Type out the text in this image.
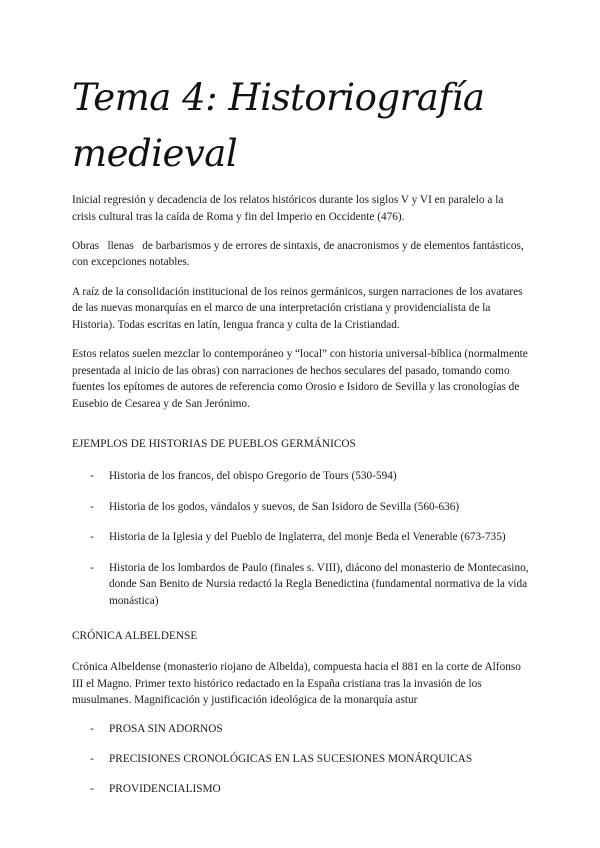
Tema 4: Historiografía medieval

Inicial regresión y decadencia de los relatos históricos durante los siglos V y VI en paralelo a la crisis cultural tras la caída de Roma y fin del Imperio en Occidente (476).

Obras   llenas   de barbarismos y de errores de sintaxis, de anacronismos y de elementos fantásticos, con excepciones notables.

A raíz de la consolidación institucional de los reinos germánicos, surgen narraciones de los avatares de las nuevas monarquías en el marco de una interpretación cristiana y providencialista de la Historia). Todas escritas en latín, lengua franca y culta de la Cristiandad.

Estos relatos suelen mezclar lo contemporáneo y “local” con historia universal-bíblica (normalmente presentada al inicio de las obras) con narraciones de hechos seculares del pasado, tomando como fuentes los epítomes de autores de referencia como Orosio e Isidoro de Sevilla y las cronologías de Eusebio de Cesarea y de San Jerónimo.

EJEMPLOS DE HISTORIAS DE PUEBLOS GERMÁNICOS
- Historia de los francos, del obispo Gregorio de Tours (530-594)
- Historia de los godos, vándalos y suevos, de San Isidoro de Sevilla (560-636)
- Historia de la Iglesia y del Pueblo de Inglaterra, del monje Beda el Venerable (673-735)
- Historia de los lombardos de Paulo (finales s. VIII), diácono del monasterio de Montecasino, donde San Benito de Nursia redactó la Regla Benedictina (fundamental normativa de la vida monástica)
CRÓNICA ALBELDENSE

Crónica Albeldense (monasterio riojano de Albelda), compuesta hacia el 881 en la corte de Alfonso III el Magno. Primer texto histórico redactado en la España cristiana tras la invasión de los musulmanes. Magnificación y justificación ideológica de la monarquía astur

- PROSA SIN ADORNOS
- PRECISIONES CRONOLÓGICAS EN LAS SUCESIONES MONÁRQUICAS
- PROVIDENCIALISMO
